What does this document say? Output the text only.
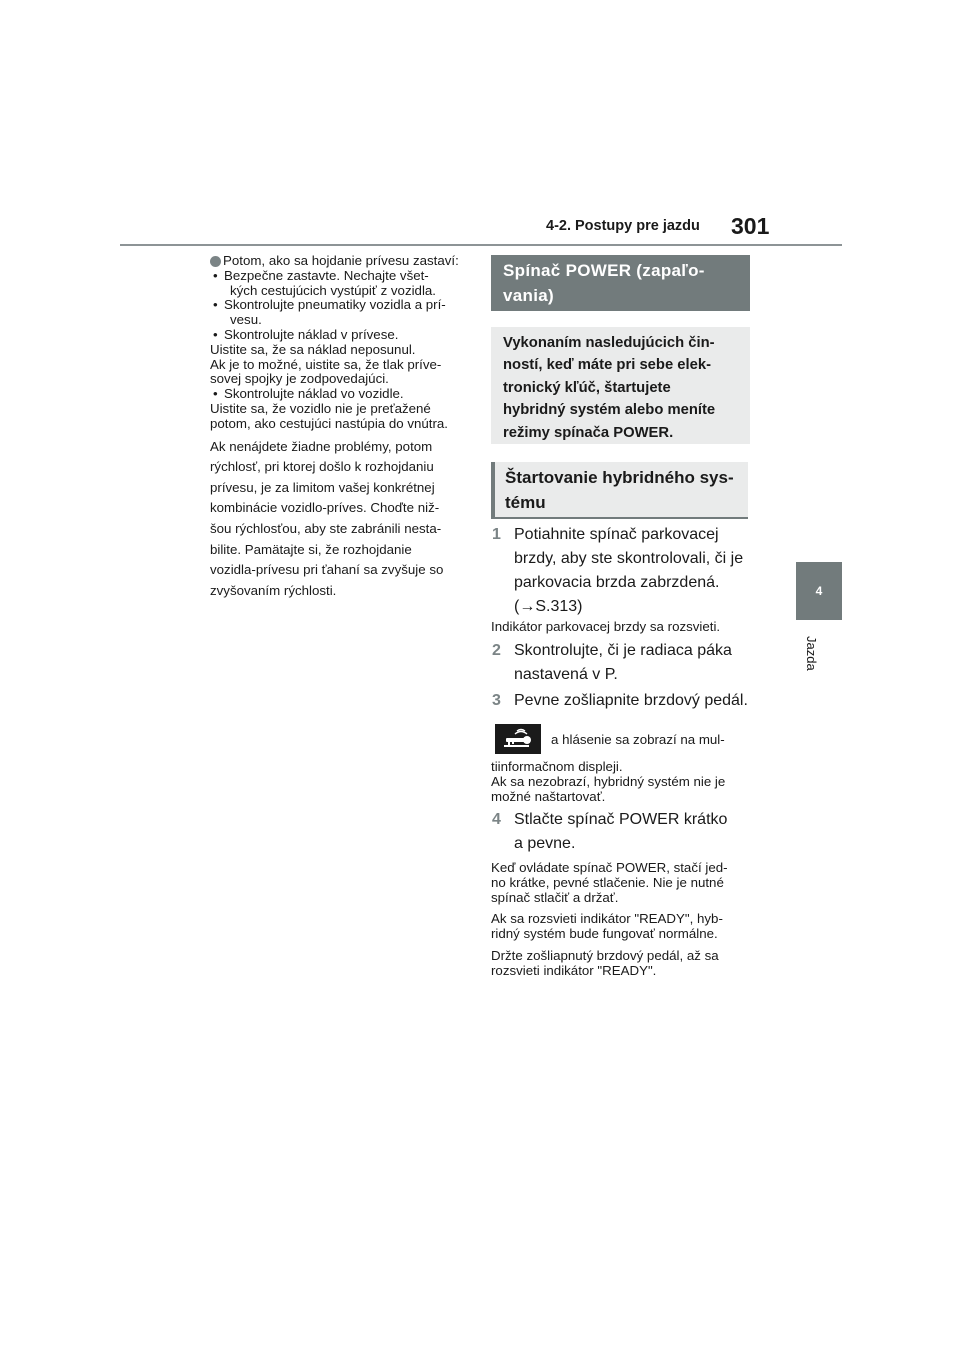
4-2. Postupy pre jazdu 301
4
Jazda
Potom, ako sa hojdanie prívesu zastaví:
• Bezpečne zastavte. Nechajte všet-
kých cestujúcich vystúpiť z vozidla.
• Skontrolujte pneumatiky vozidla a prí-
vesu.
• Skontrolujte náklad v prívese.
Uistite sa, že sa náklad neposunul.
Ak je to možné, uistite sa, že tlak príve-
sovej spojky je zodpovedajúci.
• Skontrolujte náklad vo vozidle.
Uistite sa, že vozidlo nie je preťažené
potom, ako cestujúci nastúpia do vnútra.
Ak nenájdete žiadne problémy, potom
rýchlosť, pri ktorej došlo k rozhojdaniu
prívesu, je za limitom vašej konkrétnej
kombinácie vozidlo-príves. Choďte niž-
šou rýchlosťou, aby ste zabránili nesta-
bilite. Pamätajte si, že rozhojdanie
vozidla-prívesu pri ťahaní sa zvyšuje so
zvyšovaním rýchlosti.
Spínač POWER (zapaľo-
vania)
Vykonaním nasledujúcich čin-
ností, keď máte pri sebe elek-
tronický kľúč, štartujete
hybridný systém alebo meníte
režimy spínača POWER.
Štartovanie hybridného sys-
tému
1 Potiahnite spínač parkovacej
brzdy, aby ste skontrolovali, či je
parkovacia brzda zabrzdená.
(→S.313)
Indikátor parkovacej brzdy sa rozsvieti.
2 Skontrolujte, či je radiaca páka
nastavená v P.
3 Pevne zošliapnite brzdový pedál.
a hlásenie sa zobrazí na mul-
tiinformačnom displeji.
Ak sa nezobrazí, hybridný systém nie je
možné naštartovať.
4 Stlačte spínač POWER krátko
a pevne.
Keď ovládate spínač POWER, stačí jed-
no krátke, pevné stlačenie. Nie je nutné
spínač stlačiť a držať.
Ak sa rozsvieti indikátor "READY", hyb-
ridný systém bude fungovať normálne.
Držte zošliapnutý brzdový pedál, až sa
rozsvieti indikátor "READY".
